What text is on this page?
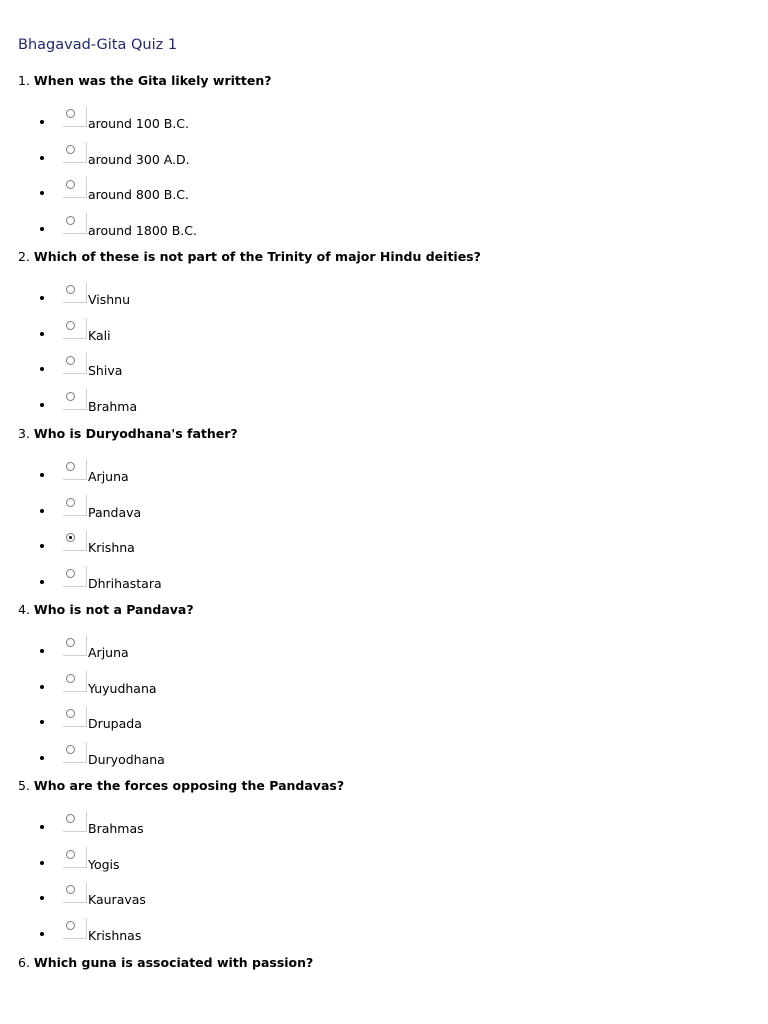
Bhagavad-Gita Quiz 1
1. When was the Gita likely written?
around 100 B.C.
around 300 A.D.
around 800 B.C.
around 1800 B.C.
2. Which of these is not part of the Trinity of major Hindu deities?
Vishnu
Kali
Shiva
Brahma
3. Who is Duryodhana's father?
Arjuna
Pandava
Krishna
Dhrihastara
4. Who is not a Pandava?
Arjuna
Yuyudhana
Drupada
Duryodhana
5. Who are the forces opposing the Pandavas?
Brahmas
Yogis
Kauravas
Krishnas
6. Which guna is associated with passion?
